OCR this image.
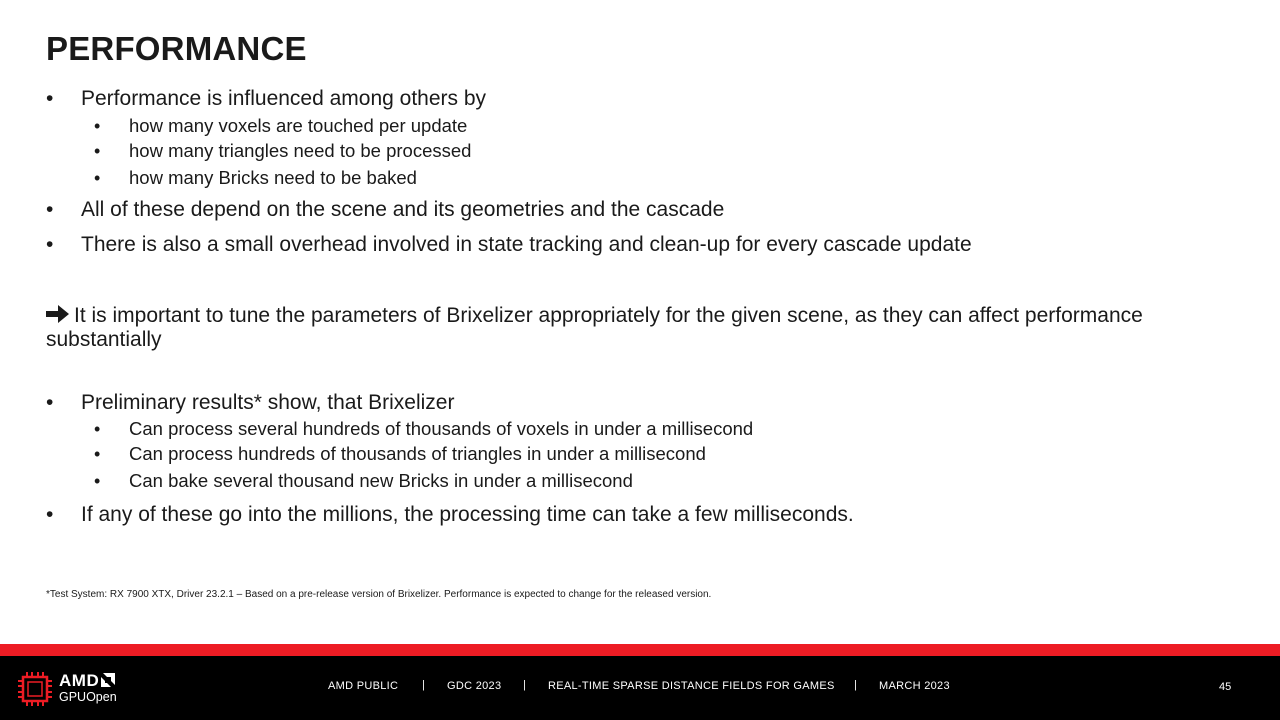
PERFORMANCE
• Performance is influenced among others by
• how many voxels are touched per update
• how many triangles need to be processed
• how many Bricks need to be baked
• All of these depend on the scene and its geometries and the cascade
• There is also a small overhead involved in state tracking and clean-up for every cascade update
It is important to tune the parameters of Brixelizer appropriately for the given scene, as they can affect performance substantially
• Preliminary results* show, that Brixelizer
• Can process several hundreds of thousands of voxels in under a millisecond
• Can process hundreds of thousands of triangles in under a millisecond
• Can bake several thousand new Bricks in under a millisecond
• If any of these go into the millions, the processing time can take a few milliseconds.
*Test System: RX 7900 XTX, Driver 23.2.1 – Based on a pre-release version of Brixelizer. Performance is expected to change for the released version.
AMD
GPUOpen
AMD PUBLIC | GDC 2023 | REAL-TIME SPARSE DISTANCE FIELDS FOR GAMES | MARCH 2023	45
